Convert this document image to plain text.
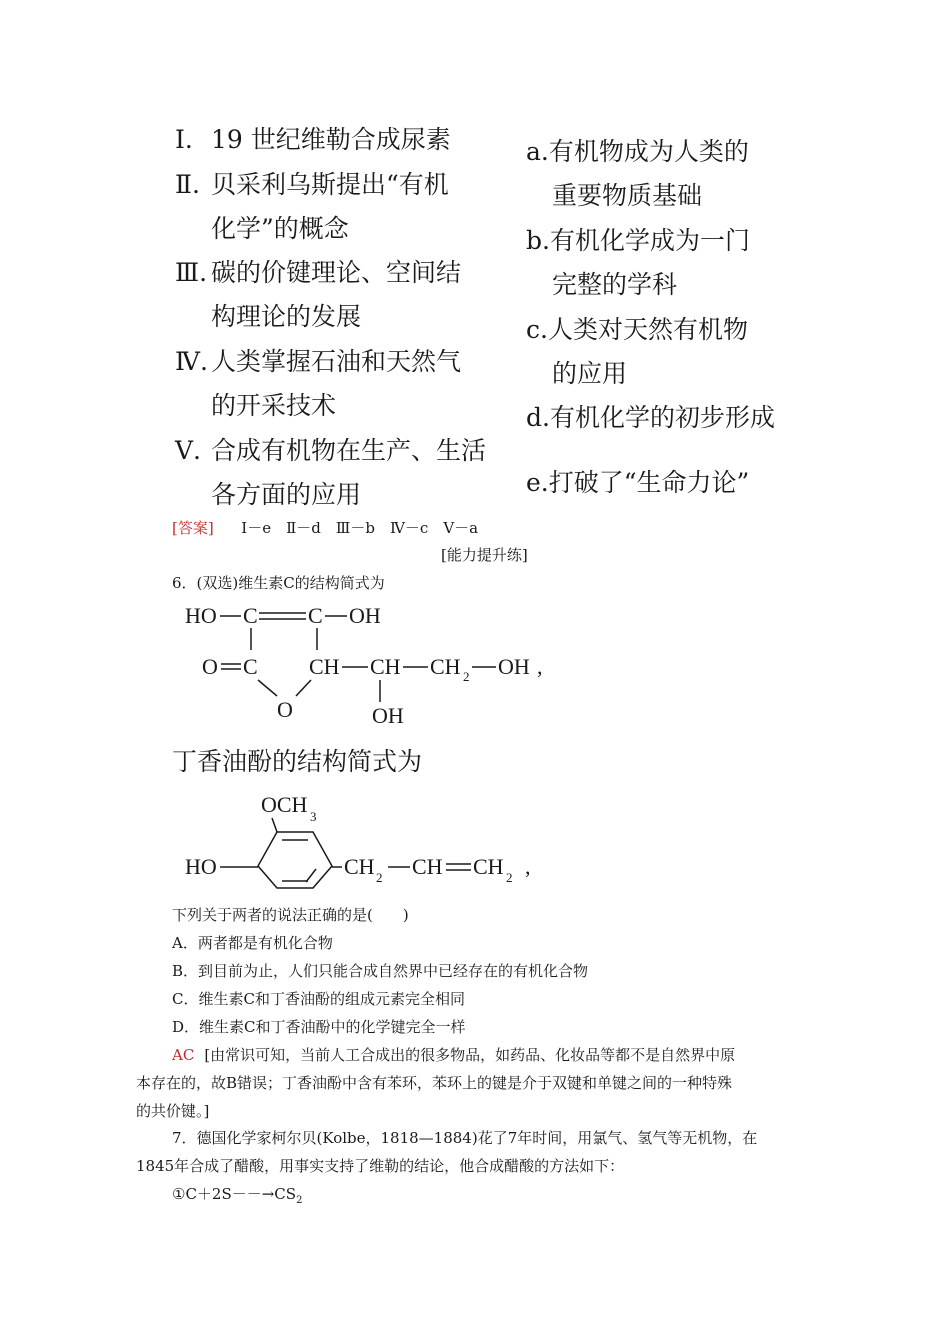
Ⅰ. 19 世纪维勒合成尿素
Ⅱ. 贝采利乌斯提出“有机
化学”的概念
Ⅲ. 碳的价键理论、空间结
构理论的发展
Ⅳ. 人类掌握石油和天然气
的开采技术
Ⅴ. 合成有机物在生产、生活
各方面的应用
a.有机物成为人类的
重要物质基础
b.有机化学成为一门
完整的学科
c.人类对天然有机物
的应用
d.有机化学的初步形成
e.打破了“生命力论”
[答案] Ⅰ－e　Ⅱ－d　Ⅲ－b　Ⅳ－c　Ⅴ－a
[能力提升练]
6．(双选)维生素C的结构简式为
HO C C OH
O C CH CH CH 2 OH ,
O	OH
丁香油酚的结构简式为
OCH 3
HO	CH 2 CH CH 2 ,
下列关于两者的说法正确的是(　　)
A．两者都是有机化合物
B．到目前为止，人们只能合成自然界中已经存在的有机化合物
C．维生素C和丁香油酚的组成元素完全相同
D．维生素C和丁香油酚中的化学键完全一样
AC [由常识可知，当前人工合成出的很多物品，如药品、化妆品等都不是自然界中原
本存在的，故B错误；丁香油酚中含有苯环，苯环上的键是介于双键和单键之间的一种特殊
的共价键。]
7．德国化学家柯尔贝(Kolbe，1818—1884)花了7年时间，用氯气、氢气等无机物，在
1845年合成了醋酸，用事实支持了维勒的结论，他合成醋酸的方法如下：
$①C+2S--\to CS_2$
